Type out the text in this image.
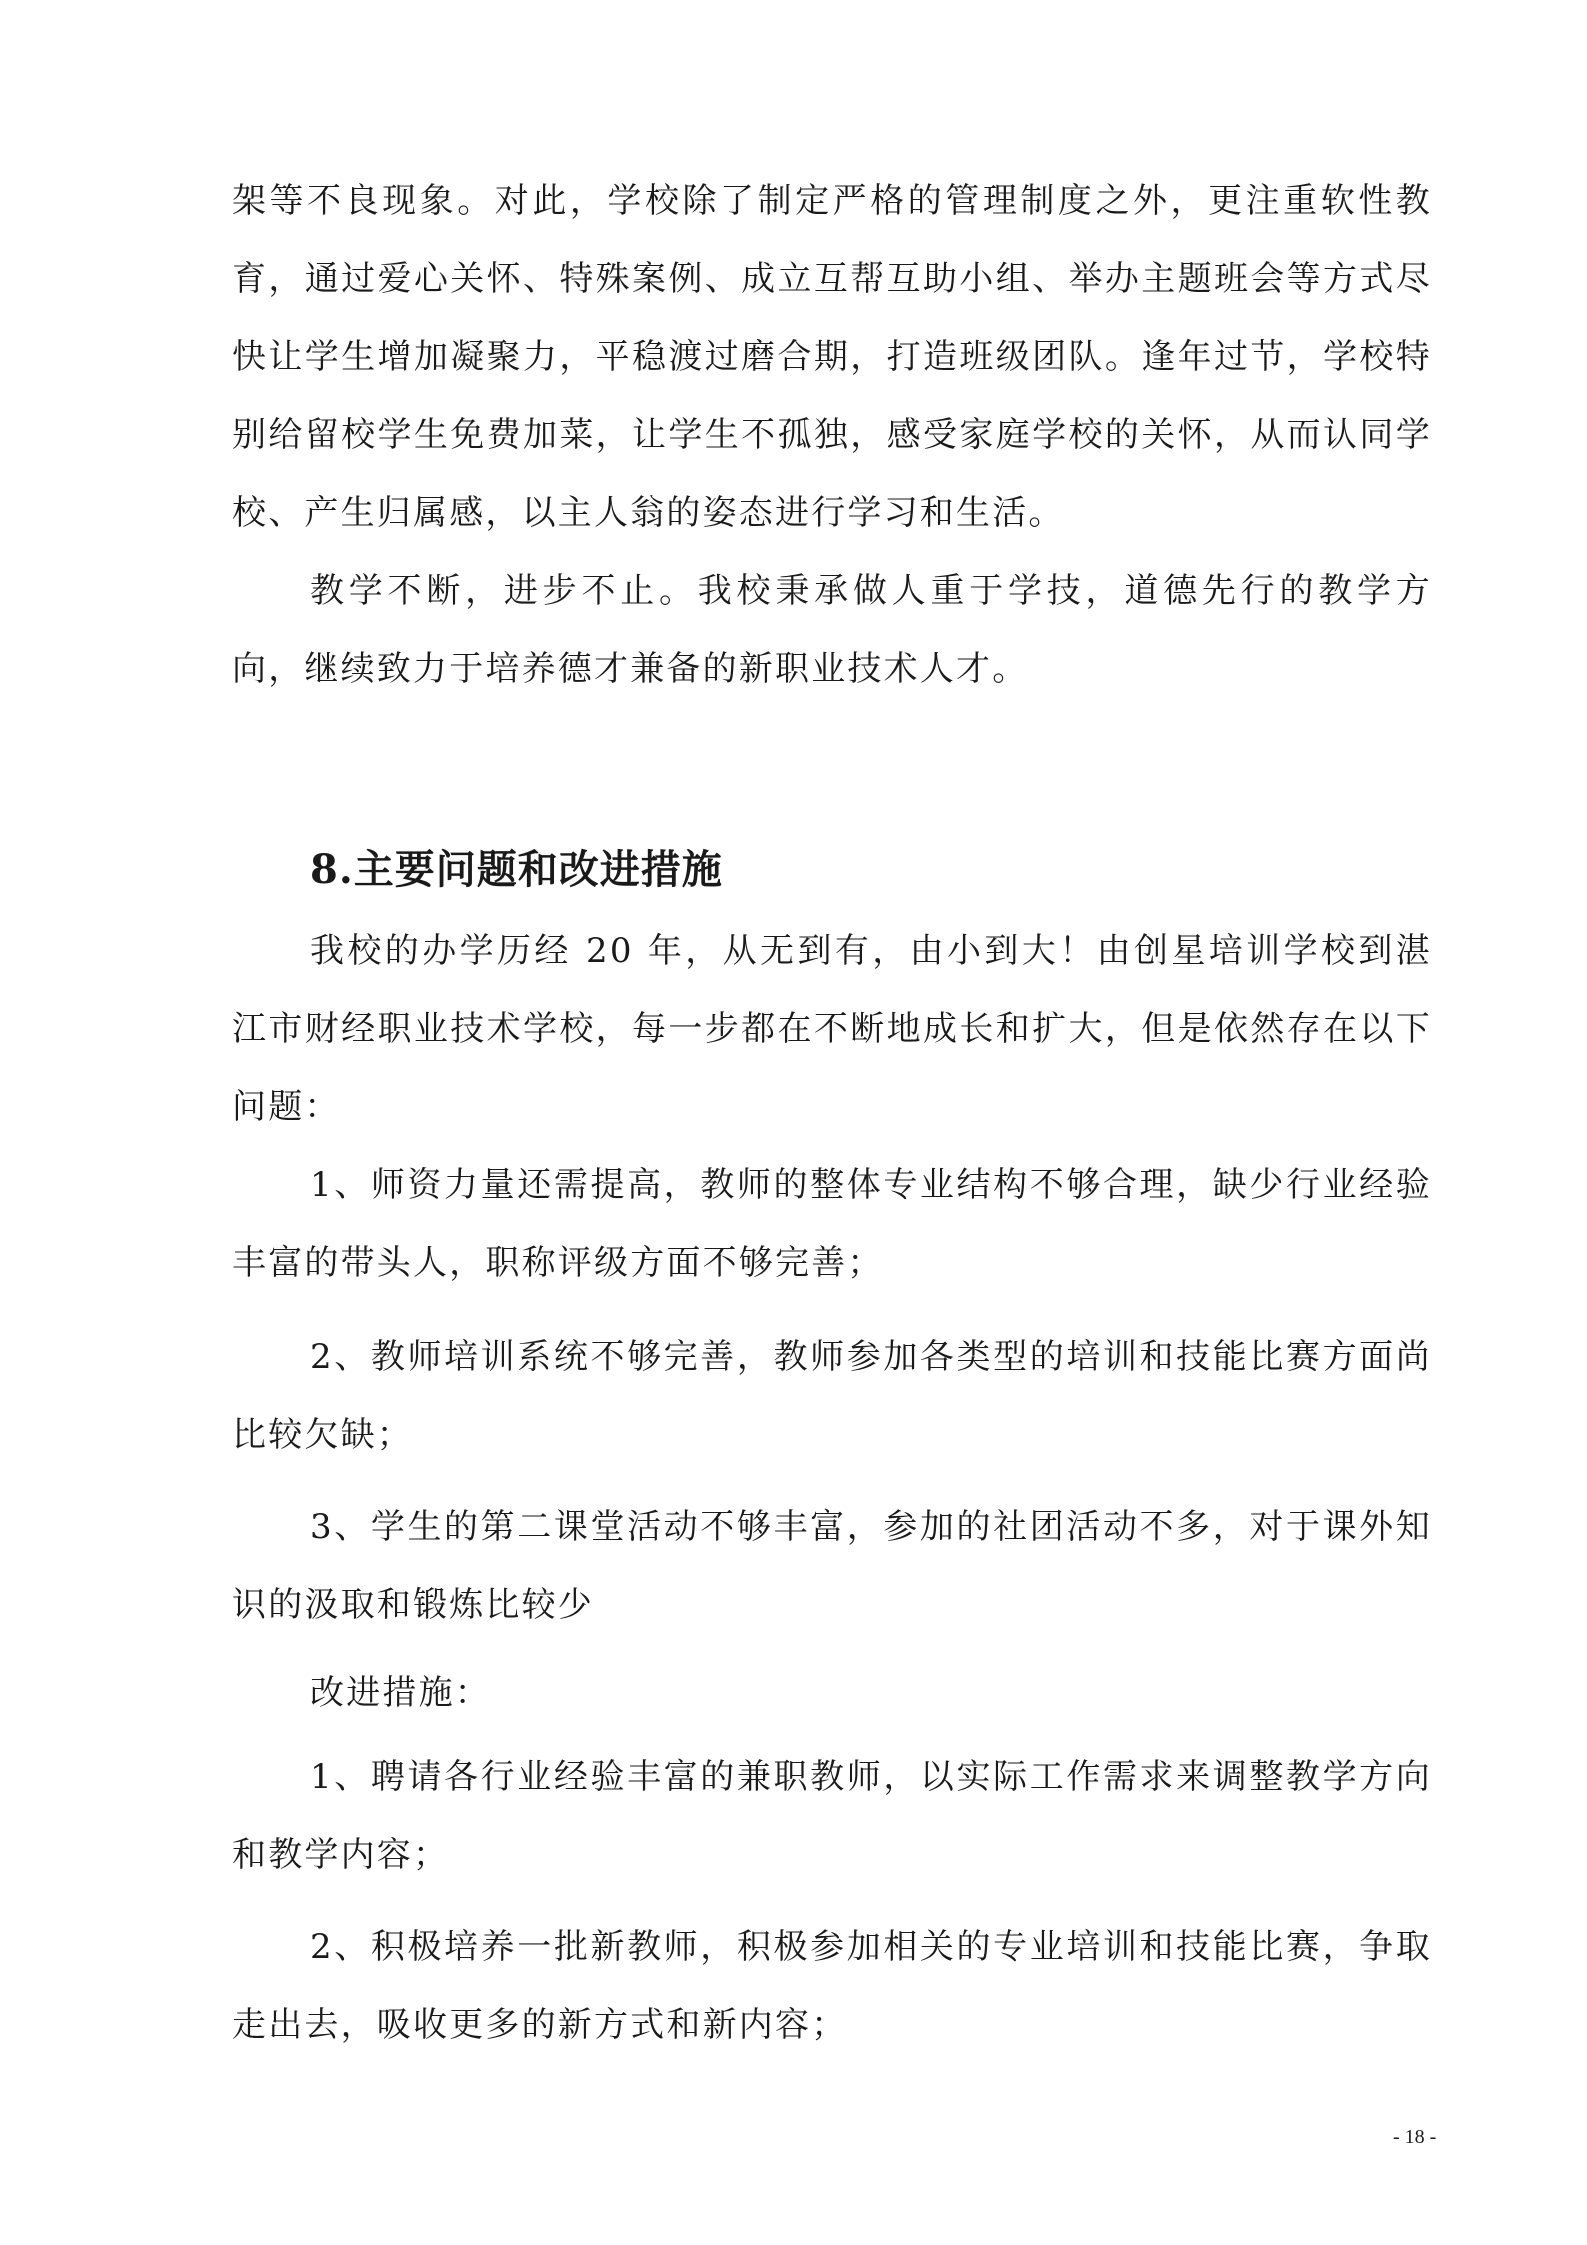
架等不良现象。对此，学校除了制定严格的管理制度之外，更注重软性教育，通过爱心关怀、特殊案例、成立互帮互助小组、举办主题班会等方式尽快让学生增加凝聚力，平稳渡过磨合期，打造班级团队。逢年过节，学校特别给留校学生免费加菜，让学生不孤独，感受家庭学校的关怀，从而认同学校、产生归属感，以主人翁的姿态进行学习和生活。

教学不断，进步不止。我校秉承做人重于学技，道德先行的教学方向，继续致力于培养德才兼备的新职业技术人才。

8.主要问题和改进措施

我校的办学历经 20 年，从无到有，由小到大！由创星培训学校到湛江市财经职业技术学校，每一步都在不断地成长和扩大，但是依然存在以下问题：

1、师资力量还需提高，教师的整体专业结构不够合理，缺少行业经验丰富的带头人，职称评级方面不够完善；

2、教师培训系统不够完善，教师参加各类型的培训和技能比赛方面尚比较欠缺；

3、学生的第二课堂活动不够丰富，参加的社团活动不多，对于课外知识的汲取和锻炼比较少

改进措施：

1、聘请各行业经验丰富的兼职教师，以实际工作需求来调整教学方向和教学内容；

2、积极培养一批新教师，积极参加相关的专业培训和技能比赛，争取走出去，吸收更多的新方式和新内容；

- 18 -
